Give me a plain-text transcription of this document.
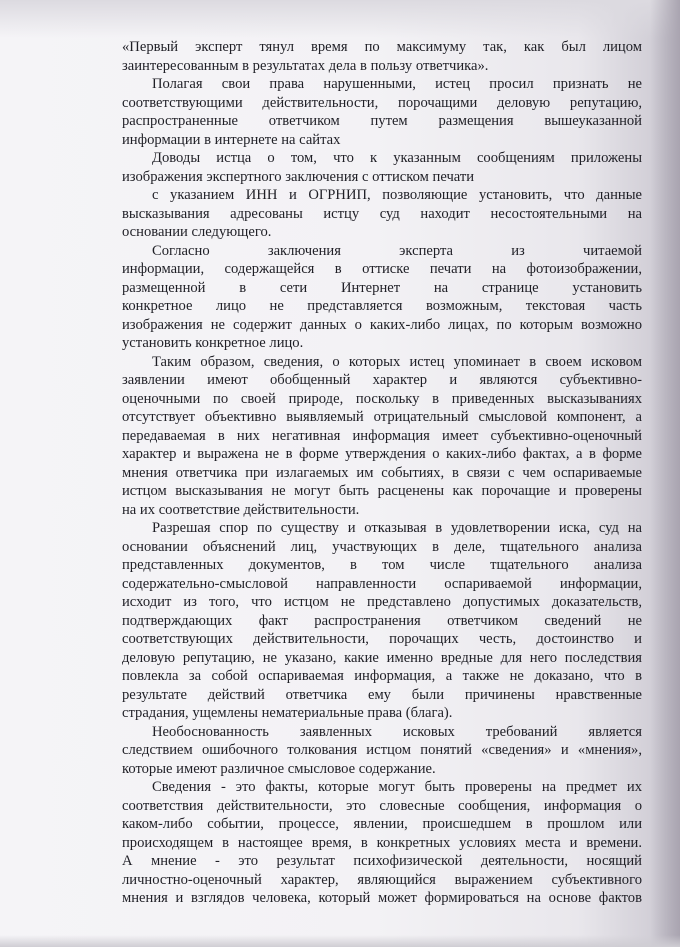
«Первый эксперт тянул время по максимуму так, как был лицом
заинтересованным в результатах дела в пользу ответчика».
Полагая свои права нарушенными, истец просил признать не
соответствующими действительности, порочащими деловую репутацию,
распространенные ответчиком путем размещения вышеуказанной
информации в интернете на сайтах
Доводы истца о том, что к указанным сообщениям приложены
изображения экспертного заключения с оттиском печати
с указанием ИНН и ОГРНИП, позволяющие установить, что данные
высказывания адресованы истцу суд находит несостоятельными на
основании следующего.
Согласно заключения эксперта из читаемой
информации, содержащейся в оттиске печати на фотоизображении,
размещенной в сети Интернет на странице установить
конкретное лицо не представляется возможным, текстовая часть
изображения не содержит данных о каких-либо лицах, по которым возможно
установить конкретное лицо.
Таким образом, сведения, о которых истец упоминает в своем исковом
заявлении имеют обобщенный характер и являются субъективно-
оценочными по своей природе, поскольку в приведенных высказываниях
отсутствует объективно выявляемый отрицательный смысловой компонент, а
передаваемая в них негативная информация имеет субъективно-оценочный
характер и выражена не в форме утверждения о каких-либо фактах, а в форме
мнения ответчика при излагаемых им событиях, в связи с чем оспариваемые
истцом высказывания не могут быть расценены как порочащие и проверены
на их соответствие действительности.
Разрешая спор по существу и отказывая в удовлетворении иска, суд на
основании объяснений лиц, участвующих в деле, тщательного анализа
представленных документов, в том числе тщательного анализа
содержательно-смысловой направленности оспариваемой информации,
исходит из того, что истцом не представлено допустимых доказательств,
подтверждающих факт распространения ответчиком сведений не
соответствующих действительности, порочащих честь, достоинство и
деловую репутацию, не указано, какие именно вредные для него последствия
повлекла за собой оспариваемая информация, а также не доказано, что в
результате действий ответчика ему были причинены нравственные
страдания, ущемлены нематериальные права (блага).
Необоснованность заявленных исковых требований является
следствием ошибочного толкования истцом понятий «сведения» и «мнения»,
которые имеют различное смысловое содержание.
Сведения - это факты, которые могут быть проверены на предмет их
соответствия действительности, это словесные сообщения, информация о
каком-либо событии, процессе, явлении, происшедшем в прошлом или
происходящем в настоящее время, в конкретных условиях места и времени.
А мнение - это результат психофизической деятельности, носящий
личностно-оценочный характер, являющийся выражением субъективного
мнения и взглядов человека, который может формироваться на основе фактов
